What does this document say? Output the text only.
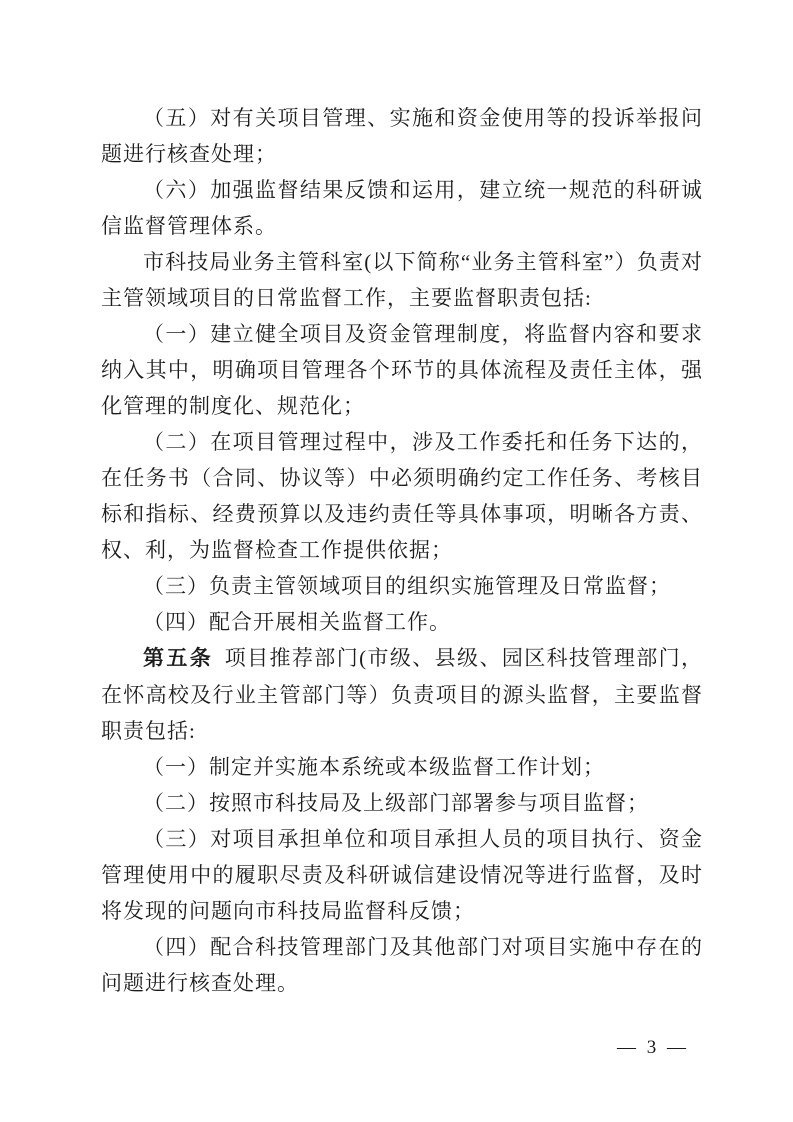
（五）对有关项目管理、实施和资金使用等的投诉举报问题进行核查处理；

（六）加强监督结果反馈和运用，建立统一规范的科研诚信监督管理体系。

市科技局业务主管科室(以下简称“业务主管科室”）负责对主管领域项目的日常监督工作，主要监督职责包括:

（一）建立健全项目及资金管理制度，将监督内容和要求纳入其中，明确项目管理各个环节的具体流程及责任主体，强化管理的制度化、规范化；

（二）在项目管理过程中，涉及工作委托和任务下达的，在任务书（合同、协议等）中必须明确约定工作任务、考核目标和指标、经费预算以及违约责任等具体事项，明晰各方责、权、利，为监督检查工作提供依据；

（三）负责主管领域项目的组织实施管理及日常监督；

（四）配合开展相关监督工作。

第五条 项目推荐部门(市级、县级、园区科技管理部门，在怀高校及行业主管部门等）负责项目的源头监督，主要监督职责包括:

（一）制定并实施本系统或本级监督工作计划；

（二）按照市科技局及上级部门部署参与项目监督；

（三）对项目承担单位和项目承担人员的项目执行、资金管理使用中的履职尽责及科研诚信建设情况等进行监督，及时将发现的问题向市科技局监督科反馈；

（四）配合科技管理部门及其他部门对项目实施中存在的问题进行核查处理。

— 3 —
